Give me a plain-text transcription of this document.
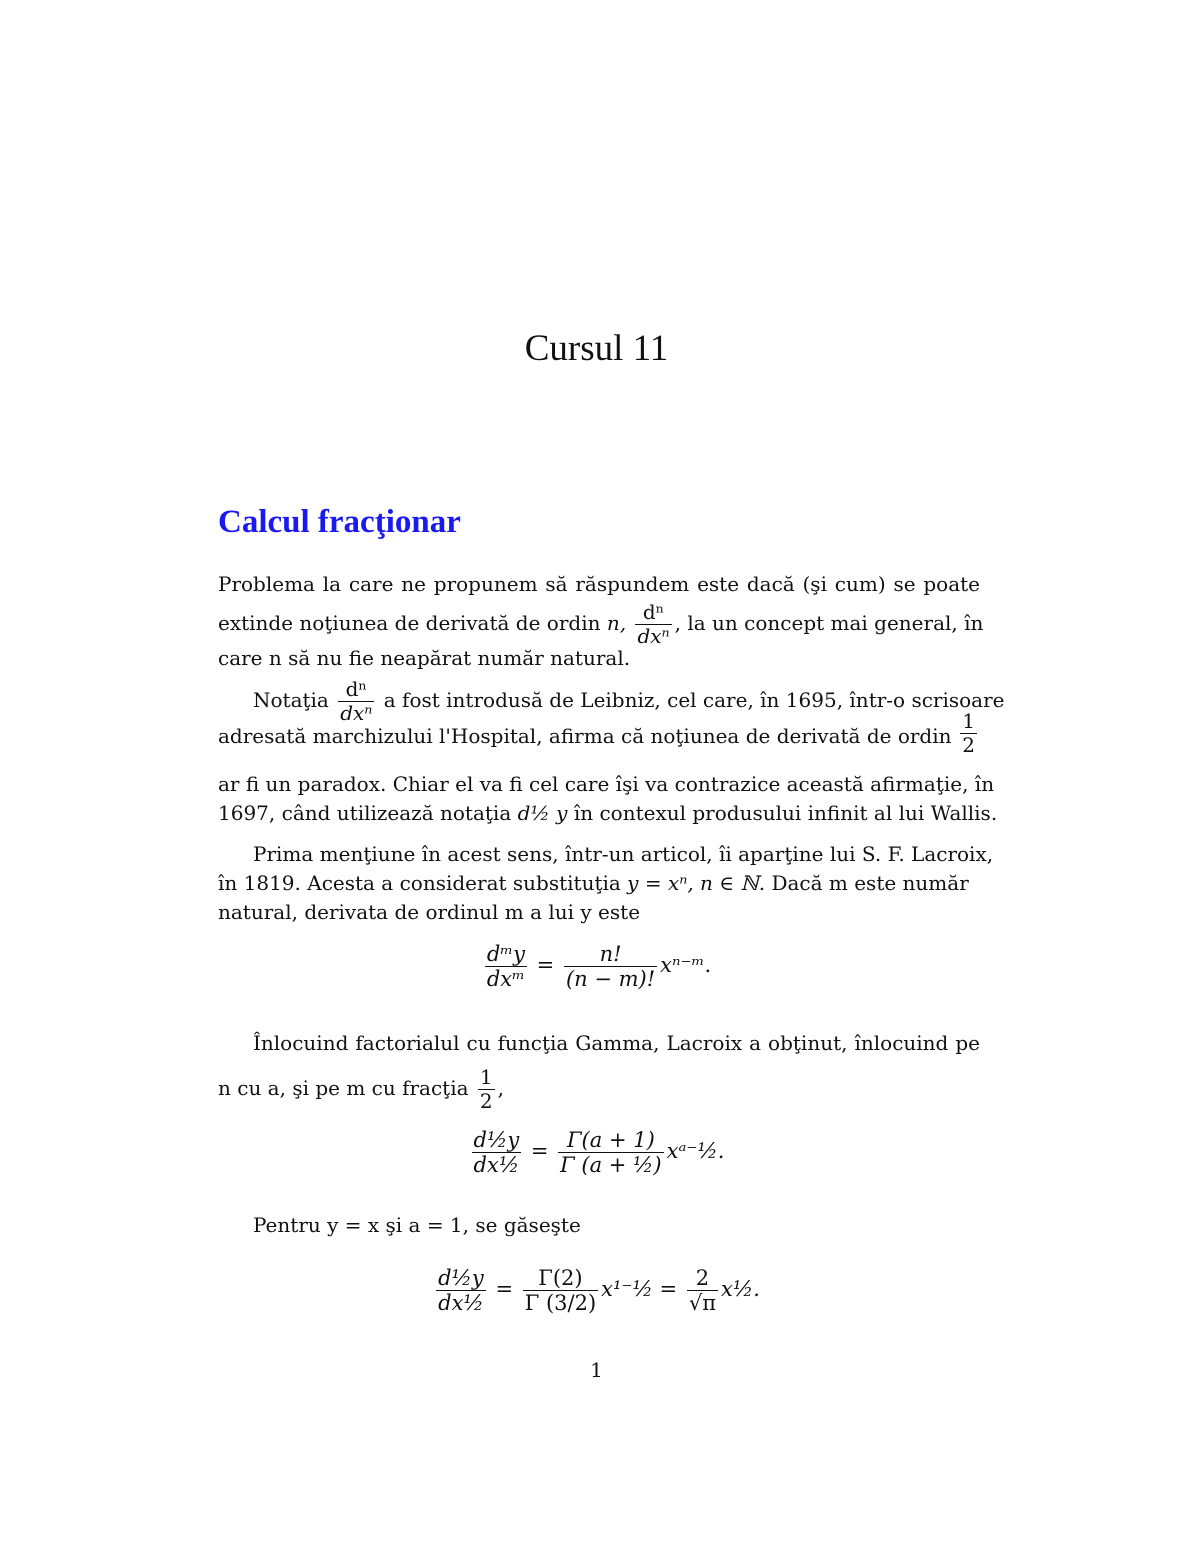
Cursul 11
Calcul fracţionar
Problema la care ne propunem să răspundem este dacă (şi cum) se poate
extinde noţiunea de derivată de ordin n, $\frac{\text{dⁿ}}{\text{dxⁿ}}$ , la un concept mai general, în
care n să nu fie neapărat număr natural.
Notaţia $\frac{\text{dⁿ}}{\text{dxⁿ}}$ a fost introdusă de Leibniz, cel care, în 1695, într-o scrisoare
adresată marchizului l'Hospital, afirma că noţiunea de derivată de ordin $\frac{1}{2}$
ar fi un paradox. Chiar el va fi cel care îşi va contrazice această afirmaţie, în
1697, când utilizează notaţia d½ y în contexul produsului infinit al lui Wallis.
Prima menţiune în acest sens, într-un articol, îi aparţine lui S. F. Lacroix,
în 1819. Acesta a considerat substituţia y = xⁿ, n ∈ ℕ. Dacă m este număr
natural, derivata de ordinul m a lui y este
$\frac{\text{dᵐy}}{\text{dxᵐ}} = \frac{n!}{(n - m)!}$ xⁿ⁻ᵐ.
Înlocuind factorialul cu funcţia Gamma, Lacroix a obţinut, înlocuind pe
n cu a, şi pe m cu fracţia $\frac{1}{2}$ ,
$\frac{\text{d½y}}{\text{dx½}} = \frac{\Gamma(a + 1)}{\text{Γ (a + ½)}}$ xᵃ⁻½.
Pentru y = x şi a = 1, se găseşte
$\frac{\text{d½y}}{\text{dx½}} = \frac{\Gamma(2)}{\Gamma (3/2)}$ x¹⁻½ = $\frac{2}{√\pi}$ x½.
1
